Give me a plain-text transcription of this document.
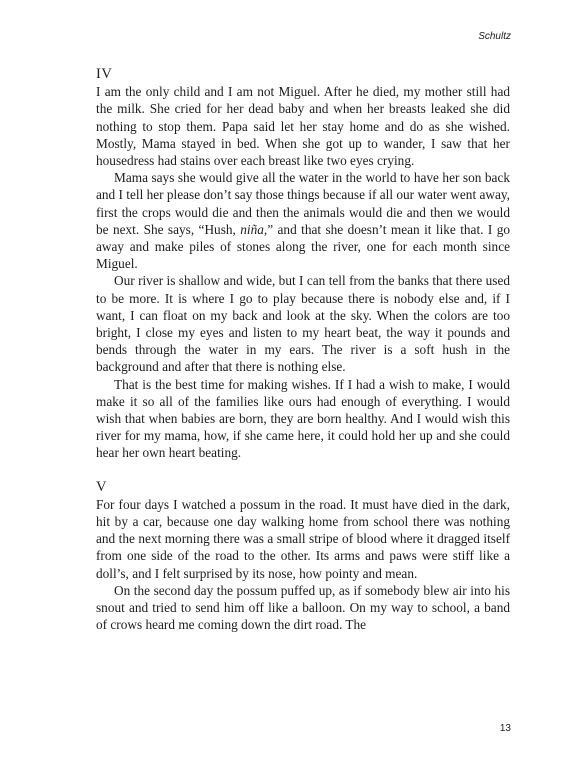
Schultz
IV

I am the only child and I am not Miguel. After he died, my mother still had the milk. She cried for her dead baby and when her breasts leaked she did nothing to stop them. Papa said let her stay home and do as she wished. Mostly, Mama stayed in bed. When she got up to wander, I saw that her housedress had stains over each breast like two eyes crying.

Mama says she would give all the water in the world to have her son back and I tell her please don’t say those things because if all our water went away, first the crops would die and then the animals would die and then we would be next. She says, “Hush, niña,” and that she doesn’t mean it like that. I go away and make piles of stones along the river, one for each month since Miguel.

Our river is shallow and wide, but I can tell from the banks that there used to be more. It is where I go to play because there is nobody else and, if I want, I can float on my back and look at the sky. When the colors are too bright, I close my eyes and listen to my heart beat, the way it pounds and bends through the water in my ears. The river is a soft hush in the background and after that there is nothing else.

That is the best time for making wishes. If I had a wish to make, I would make it so all of the families like ours had enough of everything. I would wish that when babies are born, they are born healthy. And I would wish this river for my mama, how, if she came here, it could hold her up and she could hear her own heart beating.

V

For four days I watched a possum in the road. It must have died in the dark, hit by a car, because one day walking home from school there was nothing and the next morning there was a small stripe of blood where it dragged itself from one side of the road to the other. Its arms and paws were stiff like a doll’s, and I felt surprised by its nose, how pointy and mean.

On the second day the possum puffed up, as if somebody blew air into his snout and tried to send him off like a balloon. On my way to school, a band of crows heard me coming down the dirt road. The

13
